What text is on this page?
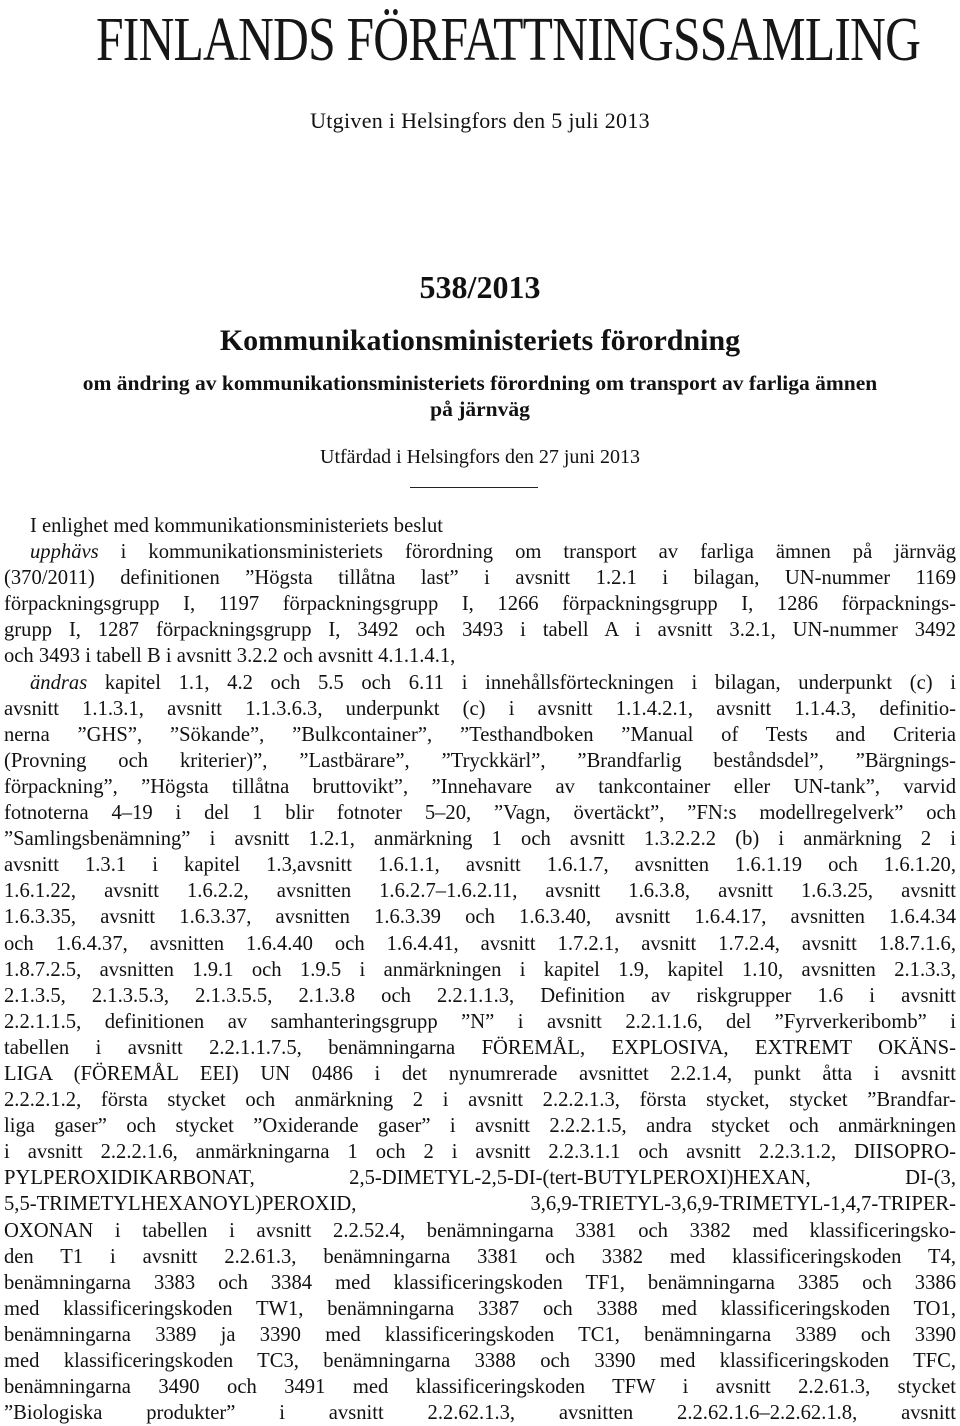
FINLANDS FÖRFATTNINGSSAMLING
Utgiven i Helsingfors den 5 juli 2013
538/2013
Kommunikationsministeriets förordning
om ändring av kommunikationsministeriets förordning om transport av farliga ämnen
på järnväg
Utfärdad i Helsingfors den 27 juni 2013
I enlighet med kommunikationsministeriets beslut
upphävs i kommunikationsministeriets förordning om transport av farliga ämnen på järnväg
(370/2011) definitionen ”Högsta tillåtna last” i avsnitt 1.2.1 i bilagan, UN-nummer 1169
förpackningsgrupp I, 1197 förpackningsgrupp I, 1266 förpackningsgrupp I, 1286 förpacknings-
grupp I, 1287 förpackningsgrupp I, 3492 och 3493 i tabell A i avsnitt 3.2.1, UN-nummer 3492
och 3493 i tabell B i avsnitt 3.2.2 och avsnitt 4.1.1.4.1,
ändras kapitel 1.1, 4.2 och 5.5 och 6.11 i innehållsförteckningen i bilagan, underpunkt (c) i
avsnitt 1.1.3.1, avsnitt 1.1.3.6.3, underpunkt (c) i avsnitt 1.1.4.2.1, avsnitt 1.1.4.3, definitio-
nerna ”GHS”, ”Sökande”, ”Bulkcontainer”, ”Testhandboken ”Manual of Tests and Criteria
(Provning och kriterier)”, ”Lastbärare”, ”Tryckkärl”, ”Brandfarlig beståndsdel”, ”Bärgnings-
förpackning”, ”Högsta tillåtna bruttovikt”, ”Innehavare av tankcontainer eller UN-tank”, varvid
fotnoterna 4–19 i del 1 blir fotnoter 5–20, ”Vagn, övertäckt”, ”FN:s modellregelverk” och
”Samlingsbenämning” i avsnitt 1.2.1, anmärkning 1 och avsnitt 1.3.2.2.2 (b) i anmärkning 2 i
avsnitt 1.3.1 i kapitel 1.3,avsnitt 1.6.1.1, avsnitt 1.6.1.7, avsnitten 1.6.1.19 och 1.6.1.20,
1.6.1.22, avsnitt 1.6.2.2, avsnitten 1.6.2.7–1.6.2.11, avsnitt 1.6.3.8, avsnitt 1.6.3.25, avsnitt
1.6.3.35, avsnitt 1.6.3.37, avsnitten 1.6.3.39 och 1.6.3.40, avsnitt 1.6.4.17, avsnitten 1.6.4.34
och 1.6.4.37, avsnitten 1.6.4.40 och 1.6.4.41, avsnitt 1.7.2.1, avsnitt 1.7.2.4, avsnitt 1.8.7.1.6,
1.8.7.2.5, avsnitten 1.9.1 och 1.9.5 i anmärkningen i kapitel 1.9, kapitel 1.10, avsnitten 2.1.3.3,
2.1.3.5, 2.1.3.5.3, 2.1.3.5.5, 2.1.3.8 och 2.2.1.1.3, Definition av riskgrupper 1.6 i avsnitt
2.2.1.1.5, definitionen av samhanteringsgrupp ”N” i avsnitt 2.2.1.1.6, del ”Fyrverkeribomb” i
tabellen i avsnitt 2.2.1.1.7.5, benämningarna FÖREMÅL, EXPLOSIVA, EXTREMT OKÄNS-
LIGA (FÖREMÅL EEI) UN 0486 i det nynumrerade avsnittet 2.2.1.4, punkt åtta i avsnitt
2.2.2.1.2, första stycket och anmärkning 2 i avsnitt 2.2.2.1.3, första stycket, stycket ”Brandfar-
liga gaser” och stycket ”Oxiderande gaser” i avsnitt 2.2.2.1.5, andra stycket och anmärkningen
i avsnitt 2.2.2.1.6, anmärkningarna 1 och 2 i avsnitt 2.2.3.1.1 och avsnitt 2.2.3.1.2, DIISOPRO-
PYLPEROXIDIKARBONAT, 2,5-DIMETYL-2,5-DI-(tert-BUTYLPEROXI)HEXAN, DI-(3,
5,5-TRIMETYLHEXANOYL)PEROXID, 3,6,9-TRIETYL-3,6,9-TRIMETYL-1,4,7-TRIPER-
OXONAN i tabellen i avsnitt 2.2.52.4, benämningarna 3381 och 3382 med klassificeringsko-
den T1 i avsnitt 2.2.61.3, benämningarna 3381 och 3382 med klassificeringskoden T4,
benämningarna 3383 och 3384 med klassificeringskoden TF1, benämningarna 3385 och 3386
med klassificeringskoden TW1, benämningarna 3387 och 3388 med klassificeringskoden TO1,
benämningarna 3389 ja 3390 med klassificeringskoden TC1, benämningarna 3389 och 3390
med klassificeringskoden TC3, benämningarna 3388 och 3390 med klassificeringskoden TFC,
benämningarna 3490 och 3491 med klassificeringskoden TFW i avsnitt 2.2.61.3, stycket
”Biologiska produkter” i avsnitt 2.2.62.1.3, avsnitten 2.2.62.1.6–2.2.62.1.8, avsnitt
